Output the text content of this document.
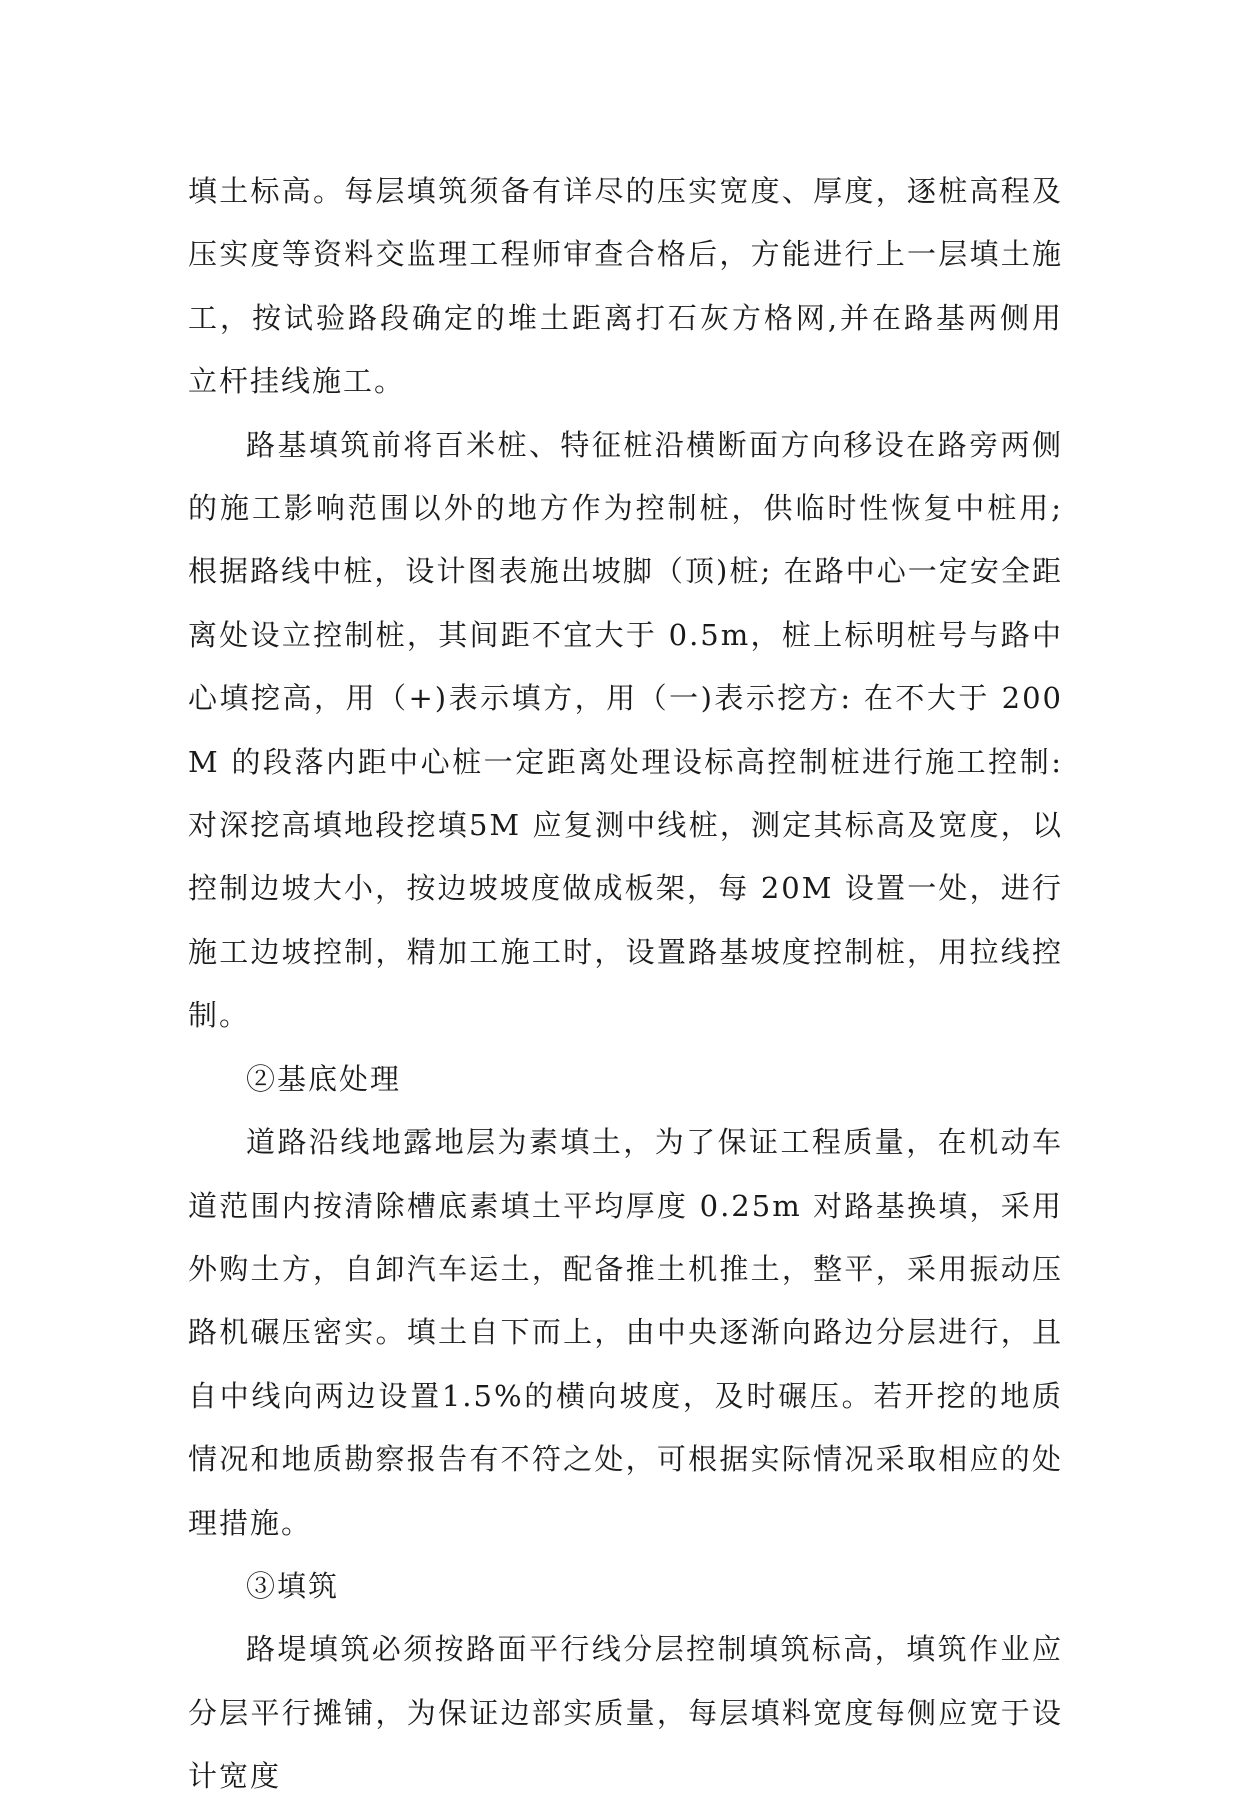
填土标高。每层填筑须备有详尽的压实宽度、厚度，逐桩高程及压实度等资料交监理工程师审查合格后，方能进行上一层填土施工，按试验路段确定的堆土距离打石灰方格网,并在路基两侧用立杆挂线施工。

路基填筑前将百米桩、特征桩沿横断面方向移设在路旁两侧的施工影响范围以外的地方作为控制桩，供临时性恢复中桩用; 根据路线中桩，设计图表施出坡脚（顶)桩; 在路中心一定安全距离处设立控制桩，其间距不宜大于 0.5m，桩上标明桩号与路中心填挖高，用（+)表示填方，用（一)表示挖方: 在不大于 200M 的段落内距中心桩一定距离处理设标高控制桩进行施工控制: 对深挖高填地段挖填5M 应复测中线桩，测定其标高及宽度，以控制边坡大小，按边坡坡度做成板架，每 20M 设置一处，进行施工边坡控制，精加工施工时，设置路基坡度控制桩，用拉线控制。

②基底处理

道路沿线地露地层为素填土，为了保证工程质量，在机动车道范围内按清除槽底素填土平均厚度 0.25m 对路基换填，采用外购土方，自卸汽车运土，配备推土机推土，整平，采用振动压路机碾压密实。填土自下而上，由中央逐渐向路边分层进行，且自中线向两边设置1.5%的横向坡度，及时碾压。若开挖的地质情况和地质勘察报告有不符之处，可根据实际情况采取相应的处理措施。

③填筑

路堤填筑必须按路面平行线分层控制填筑标高，填筑作业应分层平行摊铺，为保证边部实质量，每层填料宽度每侧应宽于设计宽度
